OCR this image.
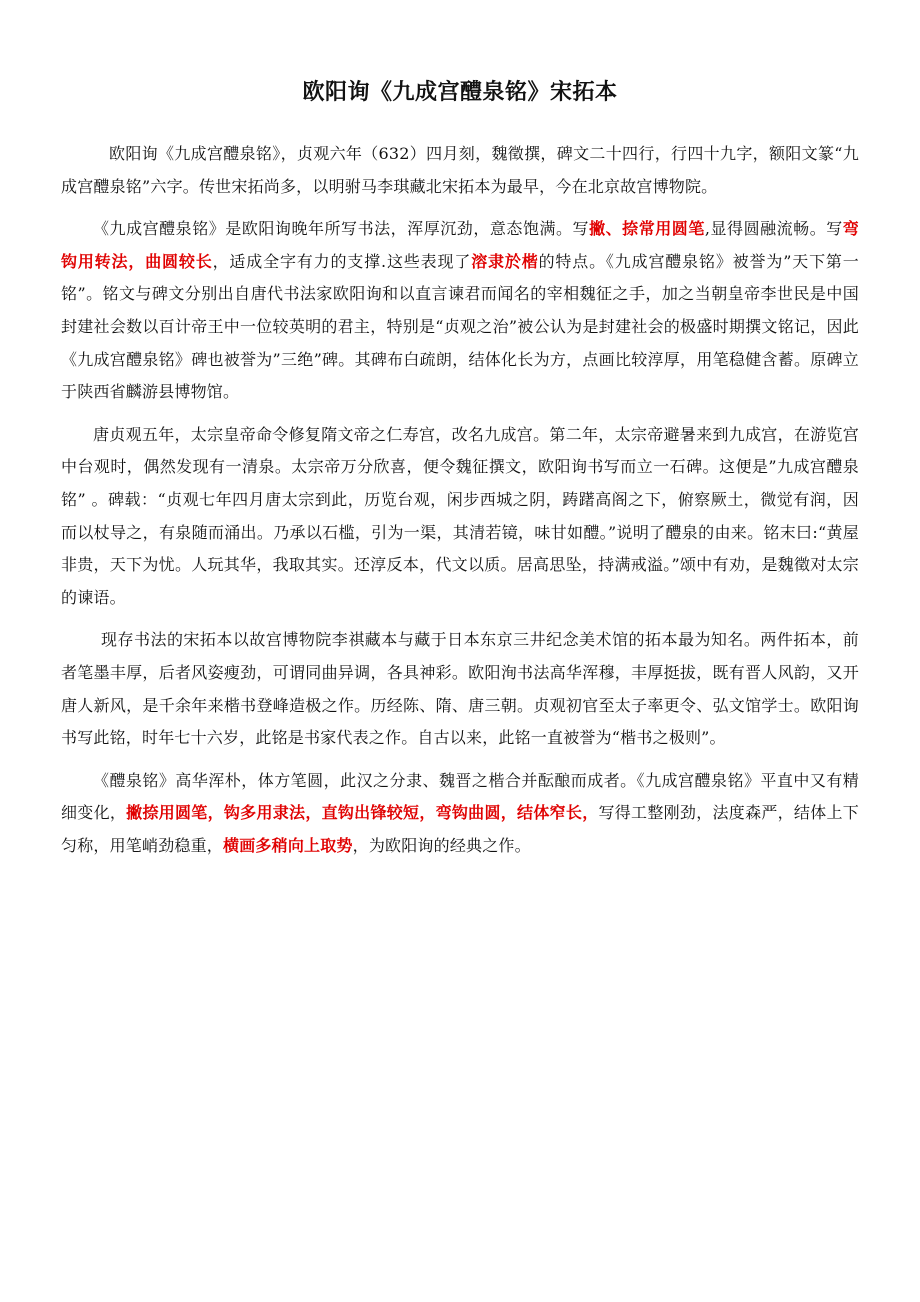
欧阳询《九成宫醴泉铭》宋拓本

欧阳询《九成宫醴泉铭》，贞观六年（632）四月刻，魏徵撰，碑文二十四行，行四十九字，额阳文篆“九成宫醴泉铭”六字。传世宋拓尚多，以明驸马李琪藏北宋拓本为最早，今在北京故宫博物院。

《九成宫醴泉铭》是欧阳询晚年所写书法，浑厚沉劲，意态饱满。写撇、捺常用圆笔,显得圆融流畅。写弯钩用转法，曲圆较长，适成全字有力的支撑.这些表现了溶隶於楷的特点。《九成宫醴泉铭》被誉为”天下第一铭”。铭文与碑文分别出自唐代书法家欧阳询和以直言谏君而闻名的宰相魏征之手，加之当朝皇帝李世民是中国封建社会数以百计帝王中一位较英明的君主，特别是“贞观之治”被公认为是封建社会的极盛时期撰文铭记，因此《九成宫醴泉铭》碑也被誉为”三绝”碑。其碑布白疏朗，结体化长为方，点画比较淳厚，用笔稳健含蓄。原碑立于陕西省麟游县博物馆。

唐贞观五年，太宗皇帝命令修复隋文帝之仁寿宫，改名九成宫。第二年，太宗帝避暑来到九成宫，在游览宫中台观时，偶然发现有一清泉。太宗帝万分欣喜，便令魏征撰文，欧阳询书写而立一石碑。这便是”九成宫醴泉铭” 。碑载：“贞观七年四月唐太宗到此，历览台观，闲步西城之阴，踌躇高阁之下，俯察厥土，微觉有润，因而以杖导之，有泉随而涌出。乃承以石槛，引为一渠，其清若镜，味甘如醴。”说明了醴泉的由来。铭末曰:“黄屋非贵，天下为忧。人玩其华，我取其实。还淳反本，代文以质。居高思坠，持满戒溢。”颂中有劝，是魏徵对太宗的谏语。

现存书法的宋拓本以故宫博物院李祺藏本与藏于日本东京三井纪念美术馆的拓本最为知名。两件拓本，前者笔墨丰厚，后者风姿瘦劲，可谓同曲异调，各具神彩。欧阳洵书法高华浑穆，丰厚挺拔，既有晋人风韵，又开唐人新风，是千余年来楷书登峰造极之作。历经陈、隋、唐三朝。贞观初官至太子率更令、弘文馆学士。欧阳询书写此铭，时年七十六岁，此铭是书家代表之作。自古以来，此铭一直被誉为“楷书之极则”。

《醴泉铭》高华浑朴，体方笔圆，此汉之分隶、魏晋之楷合并酝酿而成者。《九成宫醴泉铭》平直中又有精细变化，撇捺用圆笔，钩多用隶法，直钩出锋较短，弯钩曲圆，结体窄长，写得工整刚劲，法度森严，结体上下匀称，用笔峭劲稳重，横画多稍向上取势，为欧阳询的经典之作。
